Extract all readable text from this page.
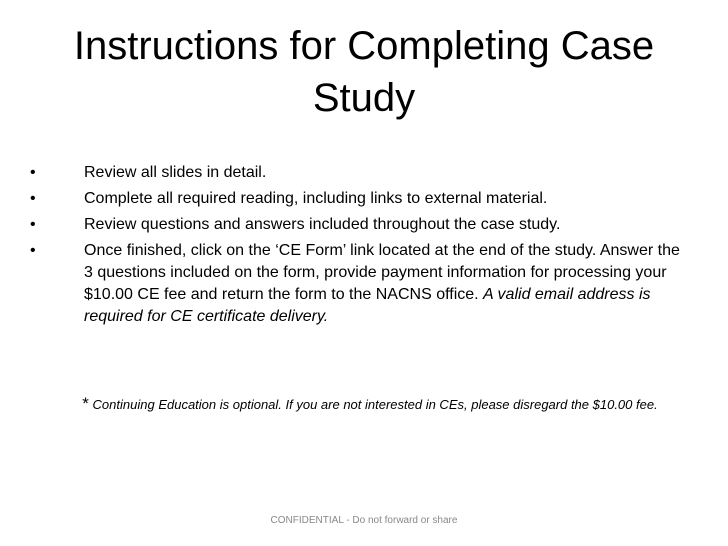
Instructions for Completing Case Study
•	Review all slides in detail.
•	Complete all required reading, including links to external material.
•	Review questions and answers included throughout the case study.
•	Once finished, click on the ‘CE Form’ link located at the end of the study. Answer the 3 questions included on the form, provide payment information for processing your $10.00 CE fee and return the form to the NACNS office. A valid email address is required for CE certificate delivery.

* Continuing Education is optional. If you are not interested in CEs, please disregard the $10.00 fee.

CONFIDENTIAL - Do not forward or share
